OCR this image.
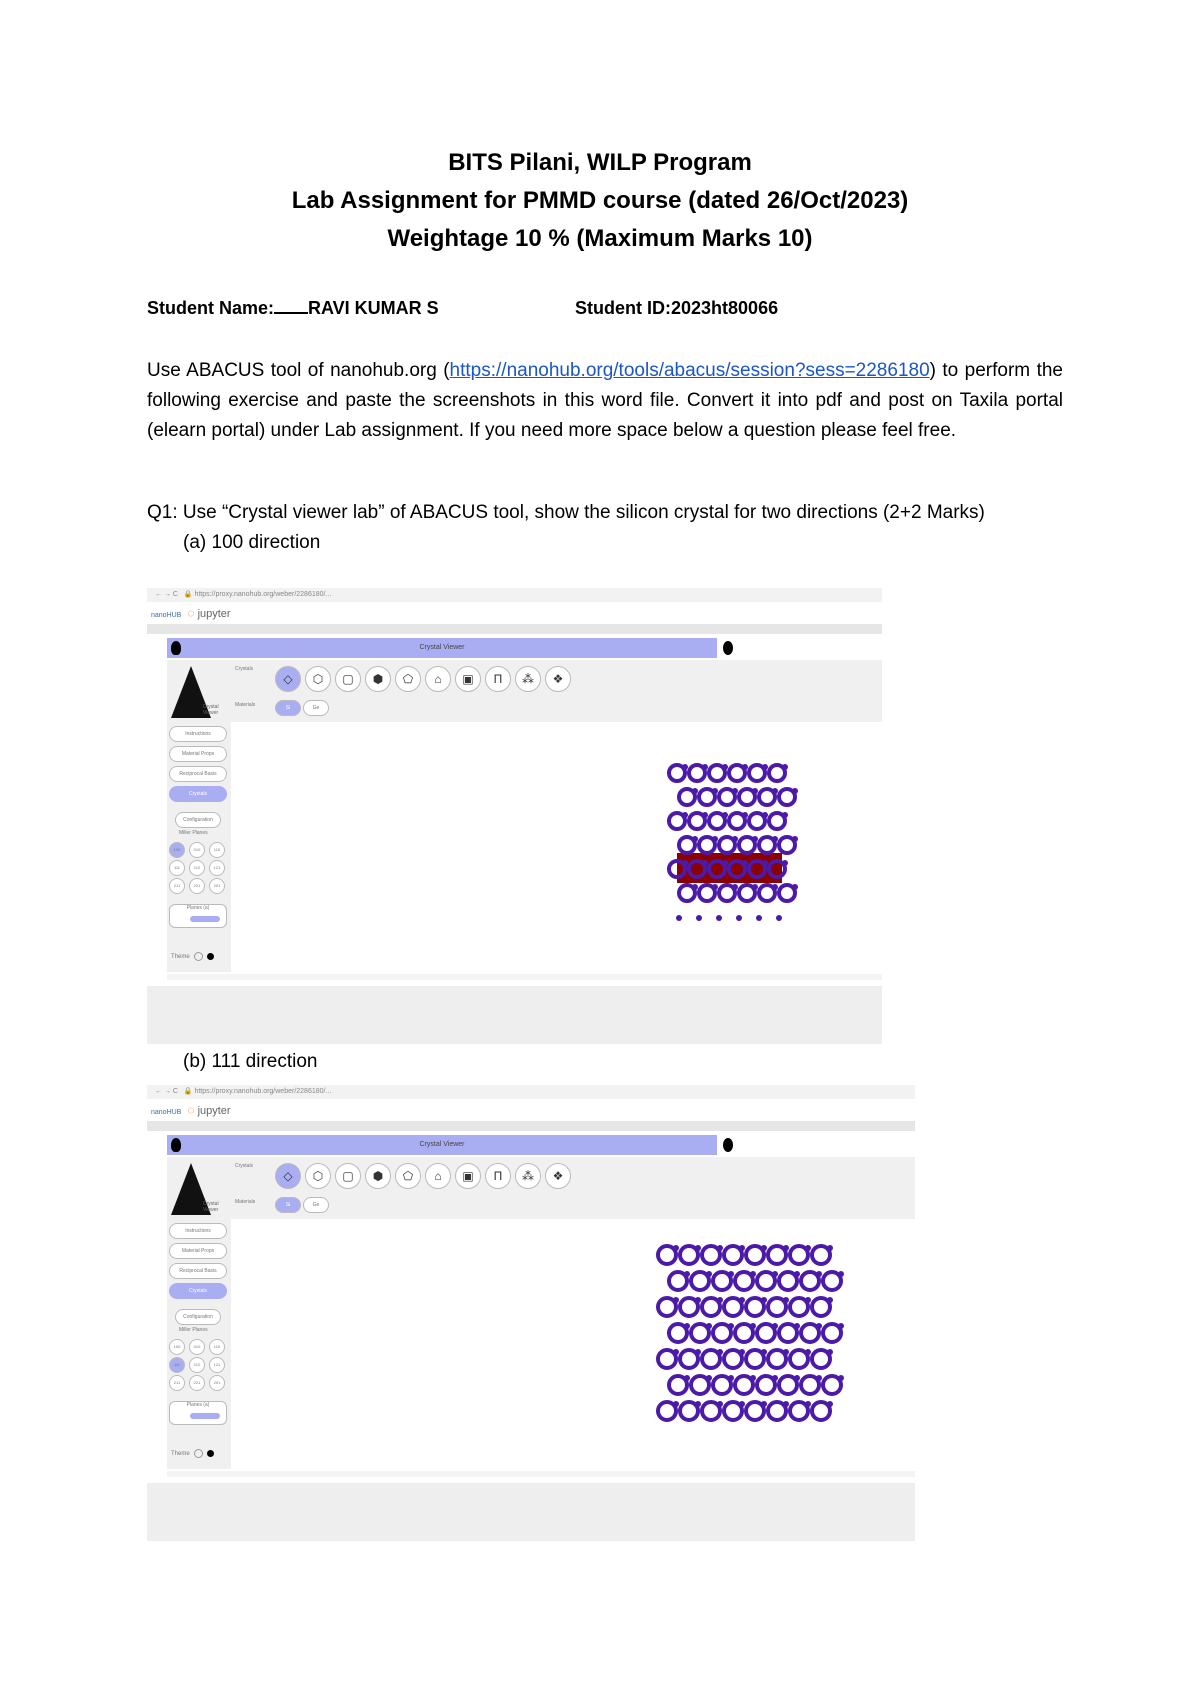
BITS Pilani, WILP Program
Lab Assignment for PMMD course (dated 26/Oct/2023)
Weightage 10 % (Maximum Marks 10)
Student Name: RAVI KUMAR S	Student ID:2023ht80066
Use ABACUS tool of nanohub.org (https://nanohub.org/tools/abacus/session?sess=2286180) to perform the following exercise and paste the screenshots in this word file. Convert it into pdf and post on Taxila portal (elearn portal) under Lab assignment. If you need more space below a question please feel free.
Q1: Use “Crystal viewer lab” of ABACUS tool, show the silicon crystal for two directions (2+2 Marks)
(a) 100 direction
(b) 111 direction
← → C   🔒 https://proxy.nanohub.org/weber/2286180/...
nanoHUB ◌ jupyter
Crystal Viewer
Crystals
◇	⬡	▢	⬢	⬠	⌂	▣	Π	⁂	❖
Materials	Si	Ge
Crystal Viewer
Instructions
Material Props
Reciprocal Basis
Crystals
Configuration
Miller Planes
100	010	110
111	112	121
211	221	201
Planes (a)
Theme
← → C   🔒 https://proxy.nanohub.org/weber/2286180/...
nanoHUB ◌ jupyter
Crystal Viewer
Crystals
◇	⬡	▢	⬢	⬠	⌂	▣	Π	⁂	❖
Materials	Si	Ge
Crystal Viewer
Instructions
Material Props
Reciprocal Basis
Crystals
Configuration
Miller Planes
100	010	110
111	112	121
211	221	201
Planes (a)
Theme
